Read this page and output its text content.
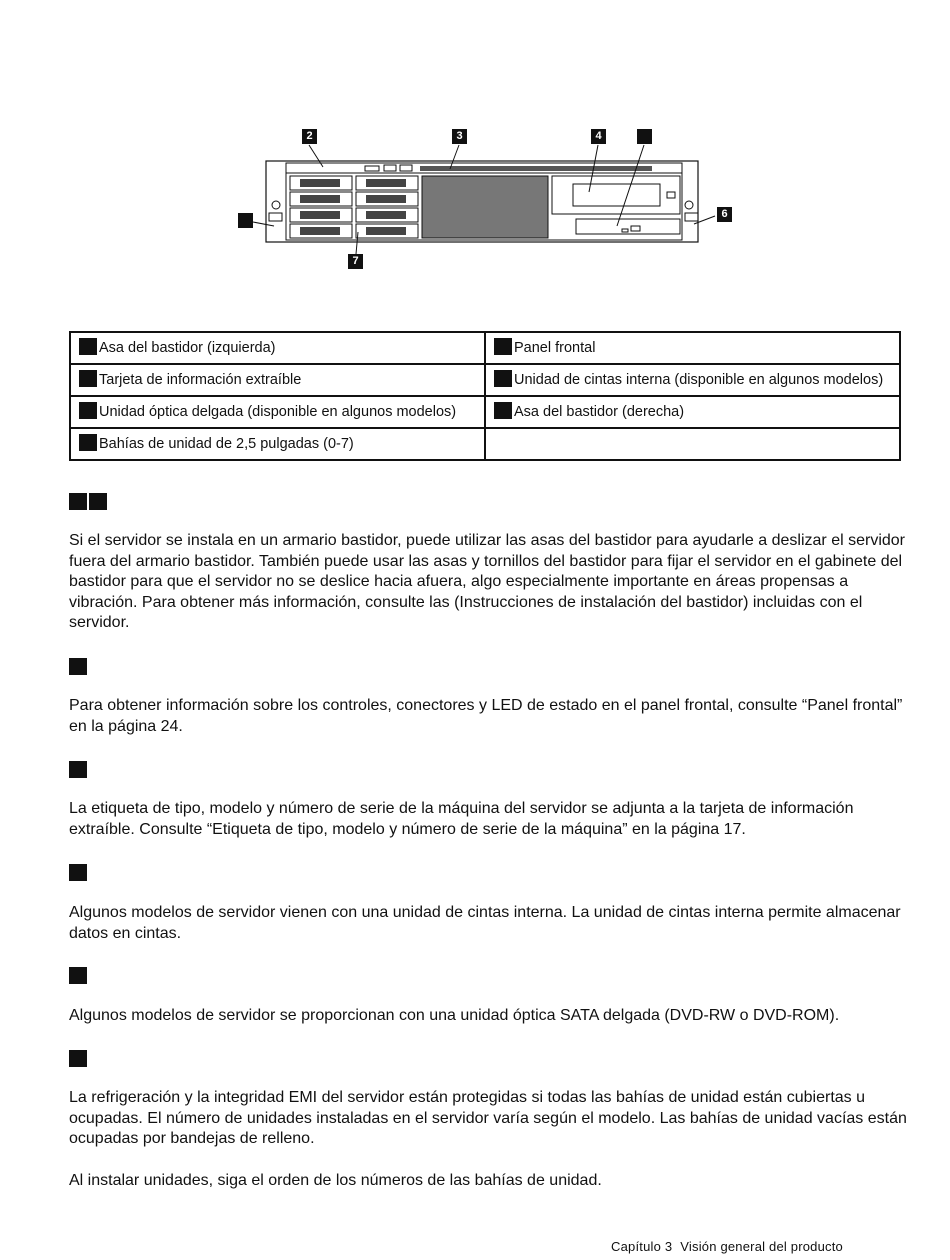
2	3	4
6
7
Asa del bastidor (izquierda)	Panel frontal
Tarjeta de información extraíble	Unidad de cintas interna (disponible en algunos modelos)
Unidad óptica delgada (disponible en algunos modelos)	Asa del bastidor (derecha)
Bahías de unidad de 2,5 pulgadas (0-7)	

Si el servidor se instala en un armario bastidor, puede utilizar las asas del bastidor para ayudarle a deslizar el servidor fuera del armario bastidor. También puede usar las asas y tornillos del bastidor para fijar el servidor en el gabinete del bastidor para que el servidor no se deslice hacia afuera, algo especialmente importante en áreas propensas a vibración. Para obtener más información, consulte las (Instrucciones de instalación del bastidor) incluidas con el servidor.

Para obtener información sobre los controles, conectores y LED de estado en el panel frontal, consulte “Panel frontal” en la página 24.

La etiqueta de tipo, modelo y número de serie de la máquina del servidor se adjunta a la tarjeta de información extraíble. Consulte “Etiqueta de tipo, modelo y número de serie de la máquina” en la página 17.

Algunos modelos de servidor vienen con una unidad de cintas interna. La unidad de cintas interna permite almacenar datos en cintas.

Algunos modelos de servidor se proporcionan con una unidad óptica SATA delgada (DVD-RW o DVD-ROM).

La refrigeración y la integridad EMI del servidor están protegidas si todas las bahías de unidad están cubiertas u ocupadas. El número de unidades instaladas en el servidor varía según el modelo. Las bahías de unidad vacías están ocupadas por bandejas de relleno.

Al instalar unidades, siga el orden de los números de las bahías de unidad.

Capítulo 3 Visión general del producto
